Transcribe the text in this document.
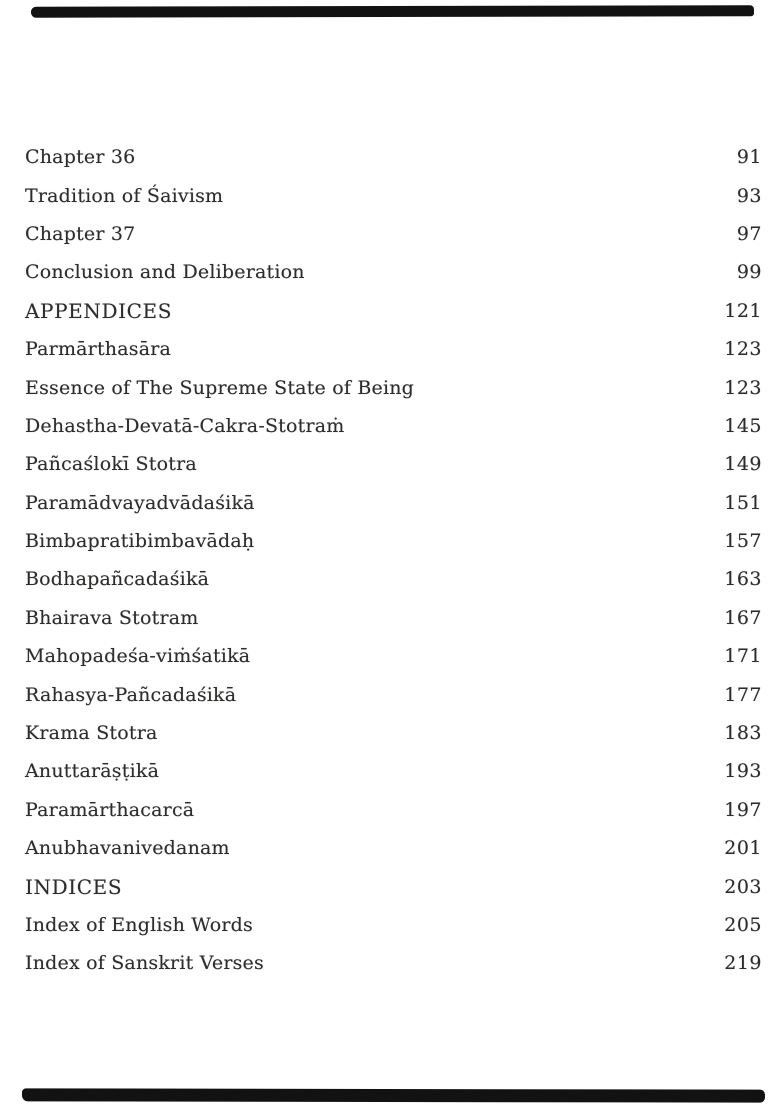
Chapter 36	91
Tradition of Śaivism	93
Chapter 37	97
Conclusion and Deliberation	99
APPENDICES	121
Parmārthasāra	123
Essence of The Supreme State of Being	123
Dehastha-Devatā-Cakra-Stotraṁ	145
Pañcaślokī Stotra	149
Paramādvayadvādaśikā	151
Bimbapratibimbavādaḥ	157
Bodhapañcadaśikā	163
Bhairava Stotram	167
Mahopadeśa-viṁśatikā	171
Rahasya-Pañcadaśikā	177
Krama Stotra	183
Anuttarāṣṭikā	193
Paramārthacarcā	197
Anubhavanivedanam	201
INDICES	203
Index of English Words	205
Index of Sanskrit Verses	219
